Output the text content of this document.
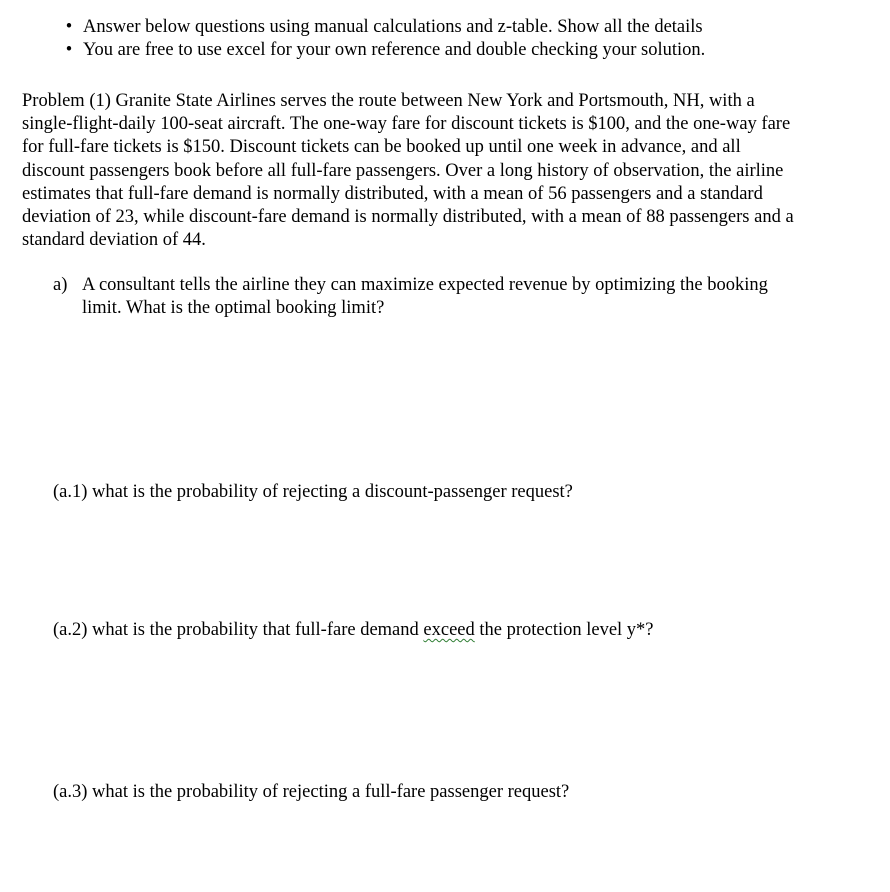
• Answer below questions using manual calculations and z-table. Show all the details
• You are free to use excel for your own reference and double checking your solution.
Problem (1) Granite State Airlines serves the route between New York and Portsmouth, NH, with a
single-flight-daily 100-seat aircraft. The one-way fare for discount tickets is $100, and the one-way fare
for full-fare tickets is $150. Discount tickets can be booked up until one week in advance, and all
discount passengers book before all full-fare passengers. Over a long history of observation, the airline
estimates that full-fare demand is normally distributed, with a mean of 56 passengers and a standard
deviation of 23, while discount-fare demand is normally distributed, with a mean of 88 passengers and a
standard deviation of 44.
a) A consultant tells the airline they can maximize expected revenue by optimizing the booking
limit. What is the optimal booking limit?
(a.1) what is the probability of rejecting a discount-passenger request?
(a.2) what is the probability that full-fare demand exceed the protection level y*?
(a.3) what is the probability of rejecting a full-fare passenger request?
